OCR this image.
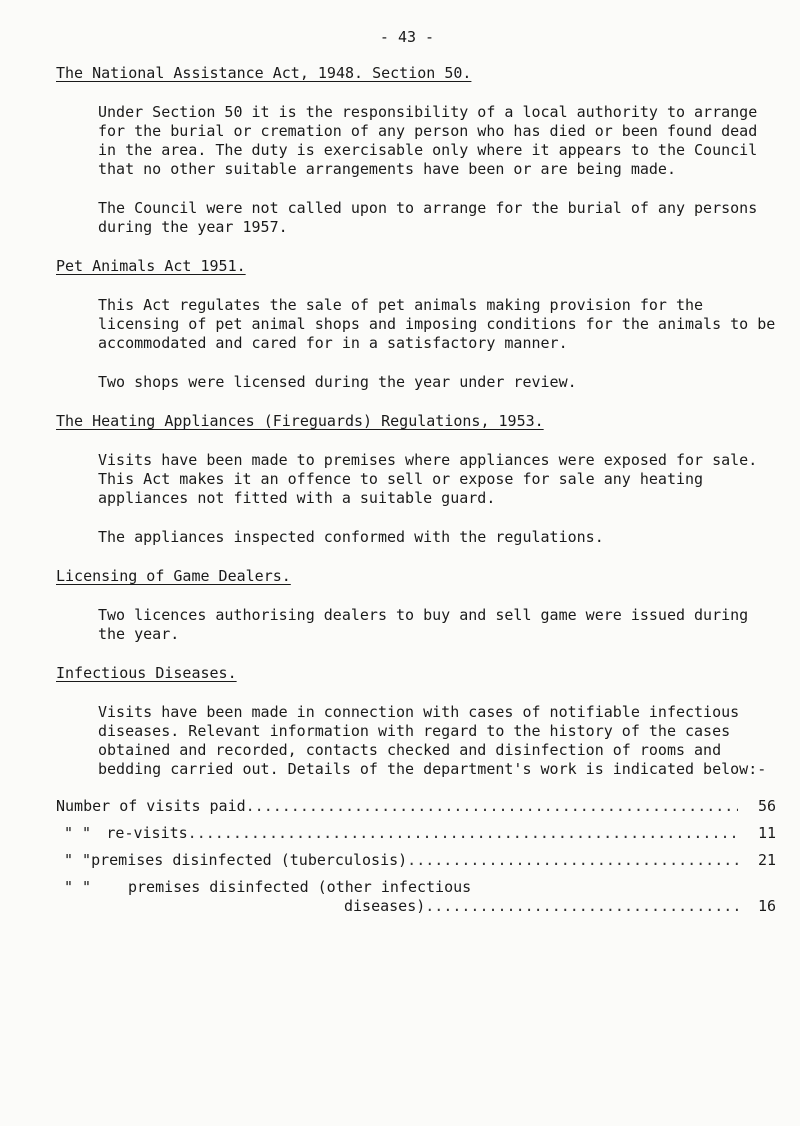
- 43 -
The National Assistance Act, 1948. Section 50.

Under Section 50 it is the responsibility of a local authority to arrange for the burial or cremation of any person who has died or been found dead in the area. The duty is exercisable only where it appears to the Council that no other suitable arrangements have been or are being made.

The Council were not called upon to arrange for the burial of any persons during the year 1957.

Pet Animals Act 1951.

This Act regulates the sale of pet animals making provision for the licensing of pet animal shops and imposing conditions for the animals to be accommodated and cared for in a satisfactory manner.

Two shops were licensed during the year under review.

The Heating Appliances (Fireguards) Regulations, 1953.

Visits have been made to premises where appliances were exposed for sale. This Act makes it an offence to sell or expose for sale any heating appliances not fitted with a suitable guard.

The appliances inspected conformed with the regulations.

Licensing of Game Dealers.

Two licences authorising dealers to buy and sell game were issued during the year.

Infectious Diseases.

Visits have been made in connection with cases of notifiable infectious diseases. Relevant information with regard to the history of the cases obtained and recorded, contacts checked and disinfection of rooms and bedding carried out. Details of the department's work is indicated below:-

Number of visits paid .....	56
" "	re-visits .....	11
" " premises disinfected (tuberculosis) .....	21
" "	premises disinfected (other infectious
diseases) .....	16
